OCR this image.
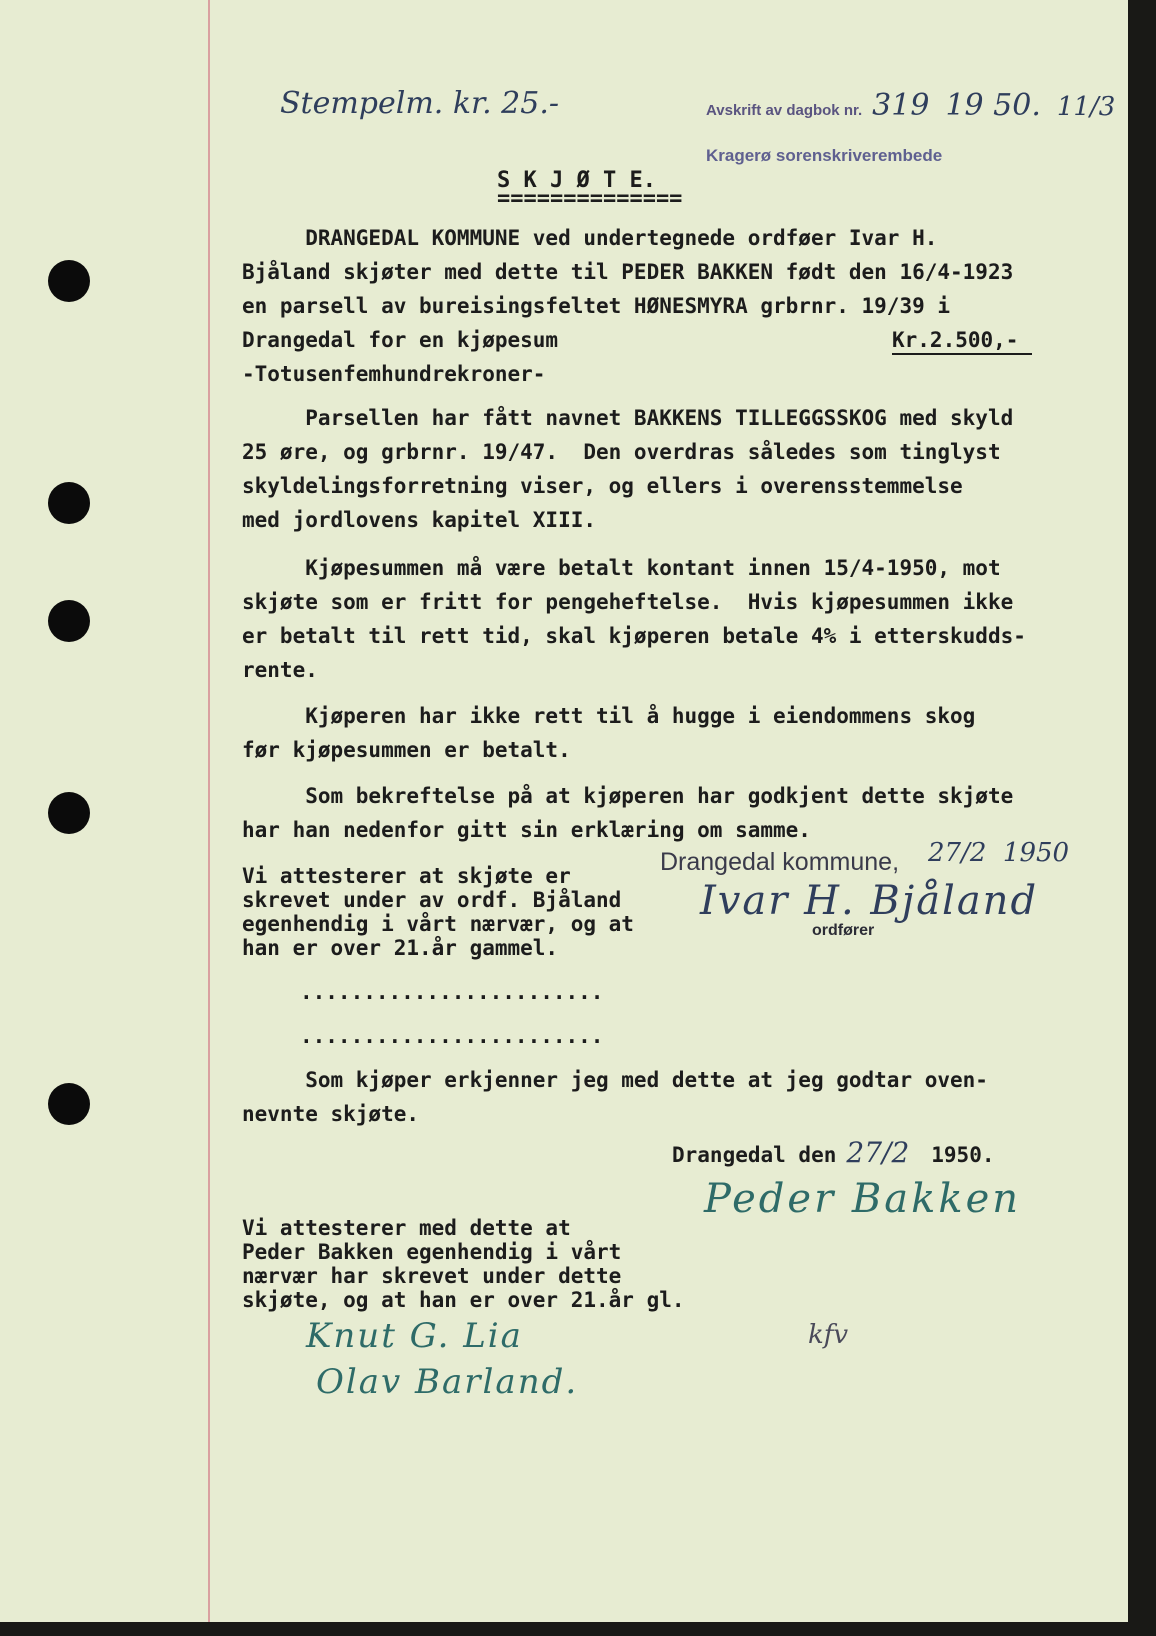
Stempelm. kr. 25.-	Avskrift av dagbok nr. 319 19 50. 11/3
Kragerø sorenskriverembede
S K J Ø T E.
==============
DRANGEDAL KOMMUNE ved undertegnede ordføer Ivar H.
Bjåland skjøter med dette til PEDER BAKKEN født den 16/4-1923
en parsell av bureisingsfeltet HØNESMYRA grbrnr. 19/39 i
Drangedal for en kjøpesum	Kr.2.500,-
-Totusenfemhundrekroner-
Parsellen har fått navnet BAKKENS TILLEGGSSKOG med skyld
25 øre, og grbrnr. 19/47.  Den overdras således som tinglyst
skyldelingsforretning viser, og ellers i overensstemmelse
med jordlovens kapitel XIII.
Kjøpesummen må være betalt kontant innen 15/4-1950, mot
skjøte som er fritt for pengeheftelse.  Hvis kjøpesummen ikke
er betalt til rett tid, skal kjøperen betale 4% i etterskudds-
rente.
Kjøperen har ikke rett til å hugge i eiendommens skog
før kjøpesummen er betalt.
Som bekreftelse på at kjøperen har godkjent dette skjøte
har han nedenfor gitt sin erklæring om samme.
Vi attesterer at skjøte er
skrevet under av ordf. Bjåland
egenhendig i vårt nærvær, og at
han er over 21.år gammel.
........................
........................
Drangedal kommune, 27/2  1950
Ivar H. Bjåland
ordfører
Som kjøper erkjenner jeg med dette at jeg godtar oven-
nevnte skjøte.
Drangedal den 27/2 1950.
Peder Bakken
Vi attesterer med dette at
Peder Bakken egenhendig i vårt
nærvær har skrevet under dette
skjøte, og at han er over 21.år gl.
Knut G. Lia
Olav Barland.
kfv
